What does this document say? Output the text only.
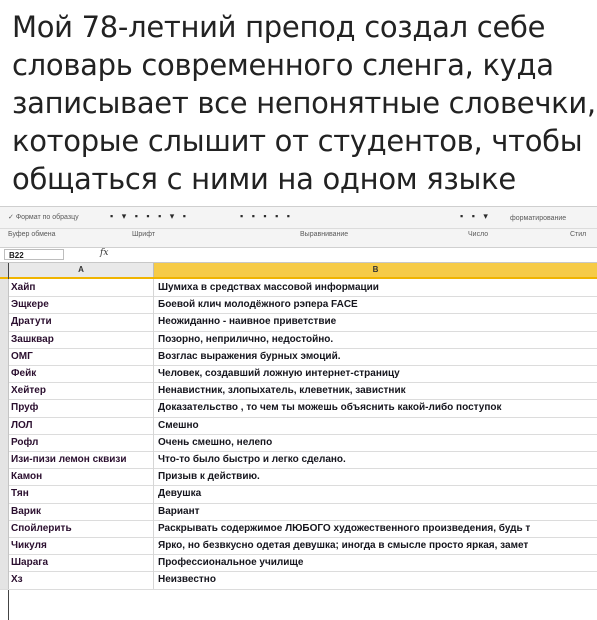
Мой 78-летний препод создал себе
словарь современного сленга, куда
записывает все непонятные словечки,
которые слышит от студентов, чтобы
общаться с ними на одном языке
✓ Формат по образцу	▪ ▾ ▪ ▪ ▪ ▾ ▪	▪ ▪ ▪ ▪ ▪	▪ ▪ ▾	форматирование
Буфер обмена	Шрифт	Выравнивание	Число	Стил
B22	fx
A	B
Хайп	Шумиха в средствах массовой информации
Эщкере	Боевой клич молодёжного рэпера FACE
Дратути	Неожиданно - наивное приветствие
Зашквар	Позорно, неприлично, недостойно.
ОМГ	Возглас выражения бурных эмоций.
Фейк	Человек, создавший ложную интернет-страницу
Хейтер	Ненавистник, злопыхатель, клеветник, завистник
Пруф	Доказательство , то чем ты можешь объяснить какой-либо поступок
ЛОЛ	Смешно
Рофл	Очень смешно, нелепо
Изи-пизи лемон сквизи	Что-то было быстро и легко сделано.
Камон	Призыв к действию.
Тян	Девушка
Варик	Вариант
Спойлерить	Раскрывать содержимое ЛЮБОГО художественного произведения, будь т
Чикуля	Ярко, но безвкусно одетая девушка; иногда в смысле просто яркая, замет
Шарага	Профессиональное училище
Хз	Неизвестно
